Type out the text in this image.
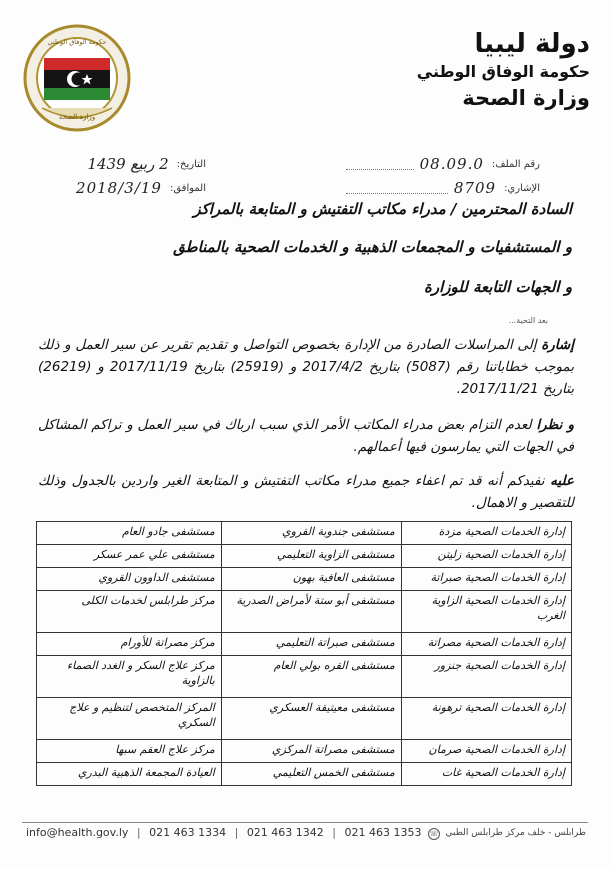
وزارة الصحة
حكومة الوفاق الوطني	دولة ليبيا
حكومة الوفاق الوطني
وزارة الصحة
رقم الملف:
08.09.0
الإشاري:
8709
التاريخ:
2 ربيع 1439
الموافق:
2018/3/19
السادة المحترمين / مدراء مكاتب التفتيش و المتابعة بالمراكز
و المستشفيات و المجمعات الذهبية و الخدمات الصحية بالمناطق
و الجهات التابعة للوزارة
بعد التحية...
إشارة إلى المراسلات الصادرة من الإدارة بخصوص التواصل و تقديم تقرير عن سير العمل و ذلك بموجب خطاباتنا رقم (5087) بتاريخ 2017/4/2 و (25919) بتاريخ 2017/11/19 و (26219) بتاريخ 2017/11/21.
و نظرا لعدم التزام بعض مدراء المكاتب الأمر الذي سبب ارباك في سير العمل و تراكم المشاكل في الجهات التي يمارسون فيها أعمالهم.
عليه نفيدكم أنه قد تم اعفاء جميع مدراء مكاتب التفتيش و المتابعة الغير واردين بالجدول وذلك للتقصير و الاهمال.
إدارة الخدمات الصحية مزدة	مستشفى جندوبة القروي	مستشفى جادو العام
إدارة الخدمات الصحية زليتن	مستشفى الزاوية التعليمي	مستشفى علي عمر عسكر
إدارة الخدمات الصحية صبراتة	مستشفى العافية بهون	مستشفى الداوون القروي
إدارة الخدمات الصحية الزاوية الغرب	مستشفى أبو ستة لأمراض الصدرية	مركز طرابلس لخدمات الكلى
إدارة الخدمات الصحية مصراتة	مستشفى صبراتة التعليمي	مركز مصراتة للأورام
إدارة الخدمات الصحية جنزور	مستشفى القره بولي العام	مركز علاج السكر و الغدد الصماء بالزاوية
إدارة الخدمات الصحية ترهونة	مستشفى معيتيقة العسكري	المركز المتخصص لتنظيم و علاج السكري
إدارة الخدمات الصحية صرمان	مستشفى مصراتة المركزي	مركز علاج العقم سبها
إدارة الخدمات الصحية غات	مستشفى الخمس التعليمي	العيادة المجمعة الذهبية البدري
info@health.gov.ly | 021 463 1334 | 021 463 1342 | 021 463 1353 ☏ طرابلس - خلف مركز طرابلس الطبي
